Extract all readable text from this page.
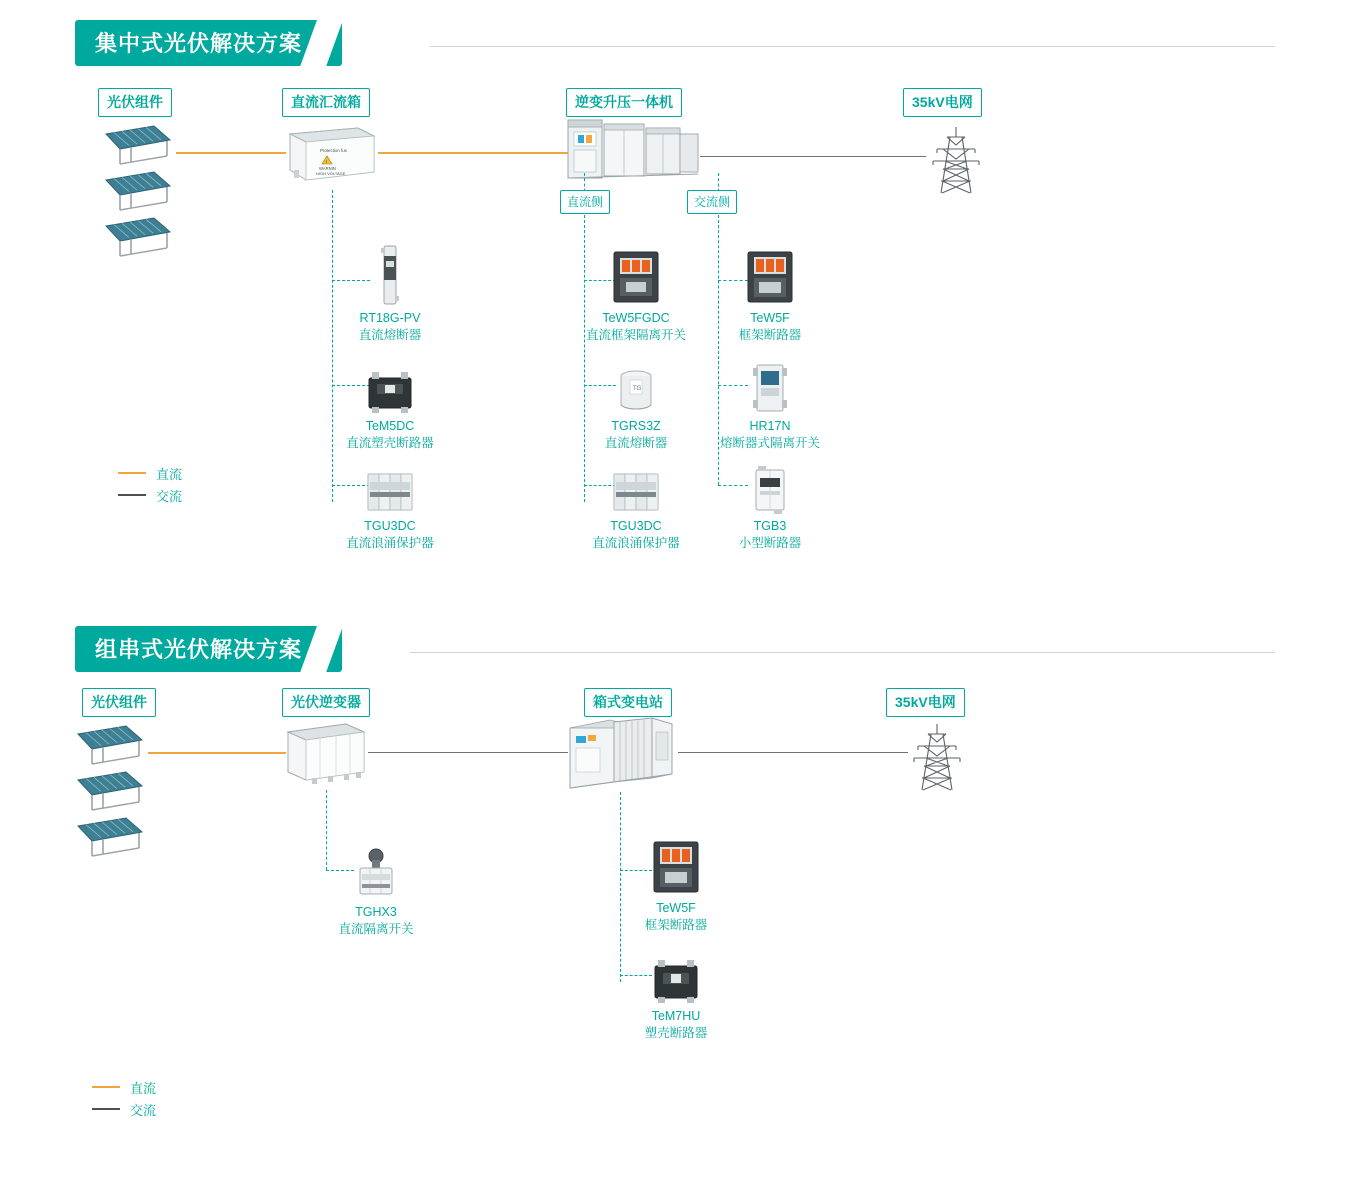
集中式光伏解决方案
光伏组件	直流汇流箱	逆变升压一体机	35kV电网
Protection fus
!
WARNIN
HIGH VOLTAGE
直流侧	交流侧
RT18G-PV
直流熔断器
TeM5DC
直流塑壳断路器
TGU3DC
直流浪涌保护器
TeW5FGDC
直流框架隔离开关
TG
TGRS3Z
直流熔断器
TGU3DC
直流浪涌保护器
TeW5F
框架断路器
HR17N
熔断器式隔离开关
TGB3
小型断路器
直流
交流
组串式光伏解决方案
光伏组件	光伏逆变器	箱式变电站	35kV电网
TGHX3
直流隔离开关
TeW5F
框架断路器
TeM7HU
塑壳断路器
直流
交流
